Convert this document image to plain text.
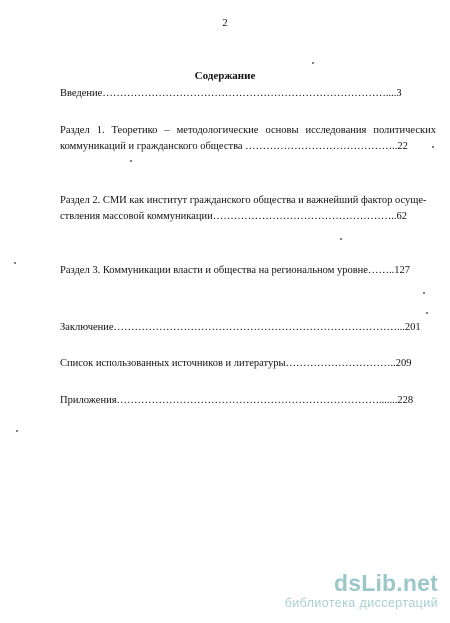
2
Содержание
Введение………………………………………………………………………....3
Раздел 1. Теоретико – методологические основы исследования политических
коммуникаций и гражданского общества ……………………………………..22
Раздел 2. СМИ как институт гражданского общества и важнейший фактор осуще-
ствления массовой коммуникации……………………………………………..62
Раздел 3. Коммуникации власти и общества на региональном уровне……..127
Заключение………………………………………………………………………...201
Список использованных источников и литературы…………………………..209
Приложения………………………………………………………………….......228
dsLib.net
библиотека диссертаций
